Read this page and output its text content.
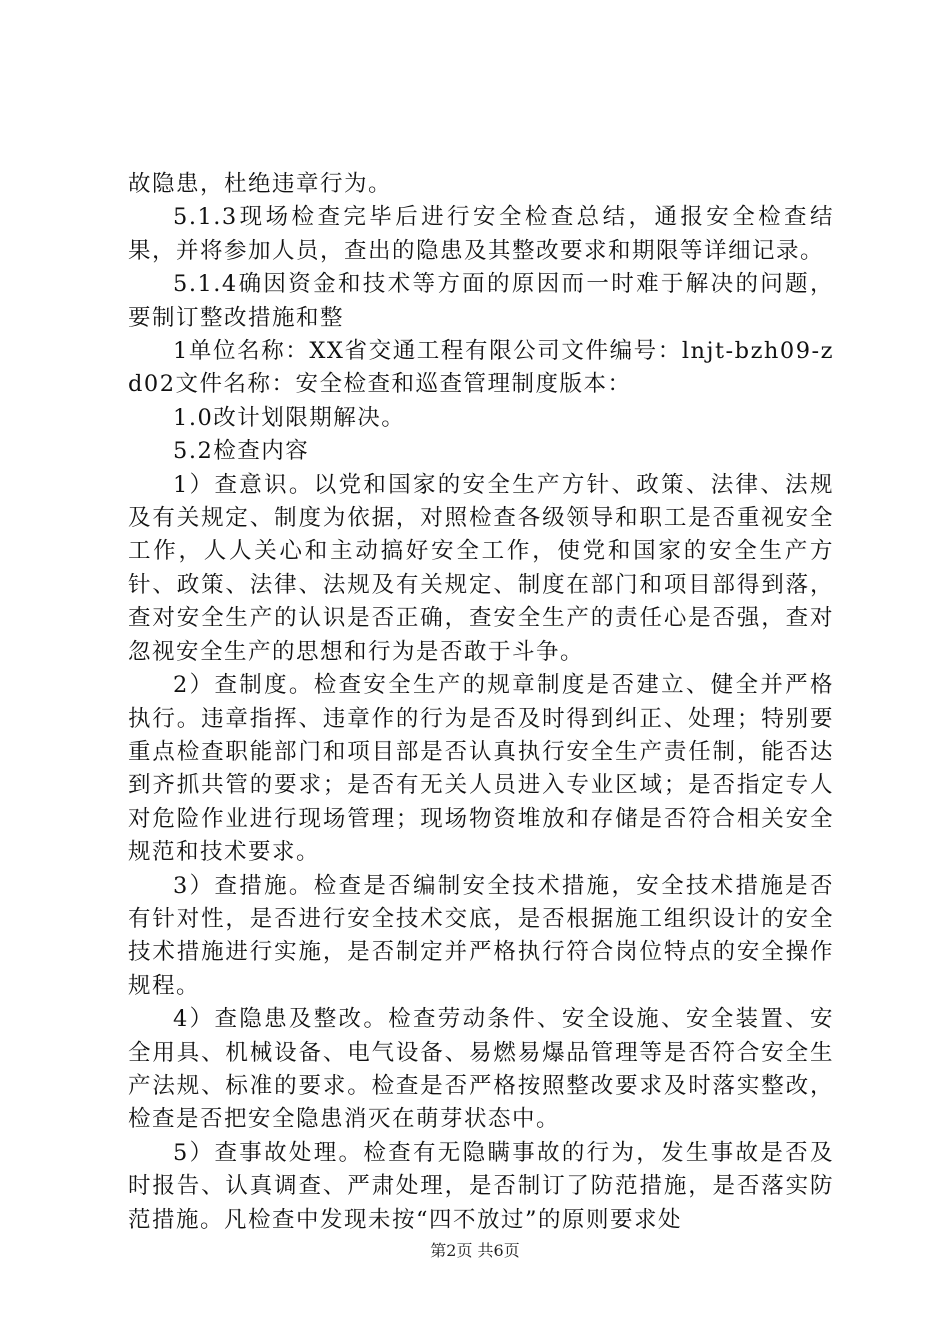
故隐患，杜绝违章行为。

5.1.3现场检查完毕后进行安全检查总结，通报安全检查结果，并将参加人员，查出的隐患及其整改要求和期限等详细记录。

5.1.4确因资金和技术等方面的原因而一时难于解决的问题，要制订整改措施和整

1单位名称：XX省交通工程有限公司文件编号：lnjt-bzh09-zd02文件名称：安全检查和巡查管理制度版本：

1.0改计划限期解决。

5.2检查内容

1）查意识。以党和国家的安全生产方针、政策、法律、法规及有关规定、制度为依据，对照检查各级领导和职工是否重视安全工作，人人关心和主动搞好安全工作，使党和国家的安全生产方针、政策、法律、法规及有关规定、制度在部门和项目部得到落，查对安全生产的认识是否正确，查安全生产的责任心是否强，查对忽视安全生产的思想和行为是否敢于斗争。

2）查制度。检查安全生产的规章制度是否建立、健全并严格执行。违章指挥、违章作的行为是否及时得到纠正、处理；特别要重点检查职能部门和项目部是否认真执行安全生产责任制，能否达到齐抓共管的要求；是否有无关人员进入专业区域；是否指定专人对危险作业进行现场管理；现场物资堆放和存储是否符合相关安全规范和技术要求。

3）查措施。检查是否编制安全技术措施，安全技术措施是否有针对性，是否进行安全技术交底，是否根据施工组织设计的安全技术措施进行实施，是否制定并严格执行符合岗位特点的安全操作规程。

4）查隐患及整改。检查劳动条件、安全设施、安全装置、安全用具、机械设备、电气设备、易燃易爆品管理等是否符合安全生产法规、标准的要求。检查是否严格按照整改要求及时落实整改，检查是否把安全隐患消灭在萌芽状态中。

5）查事故处理。检查有无隐瞒事故的行为，发生事故是否及时报告、认真调查、严肃处理，是否制订了防范措施，是否落实防范措施。凡检查中发现未按“四不放过”的原则要求处

第2页 共6页
